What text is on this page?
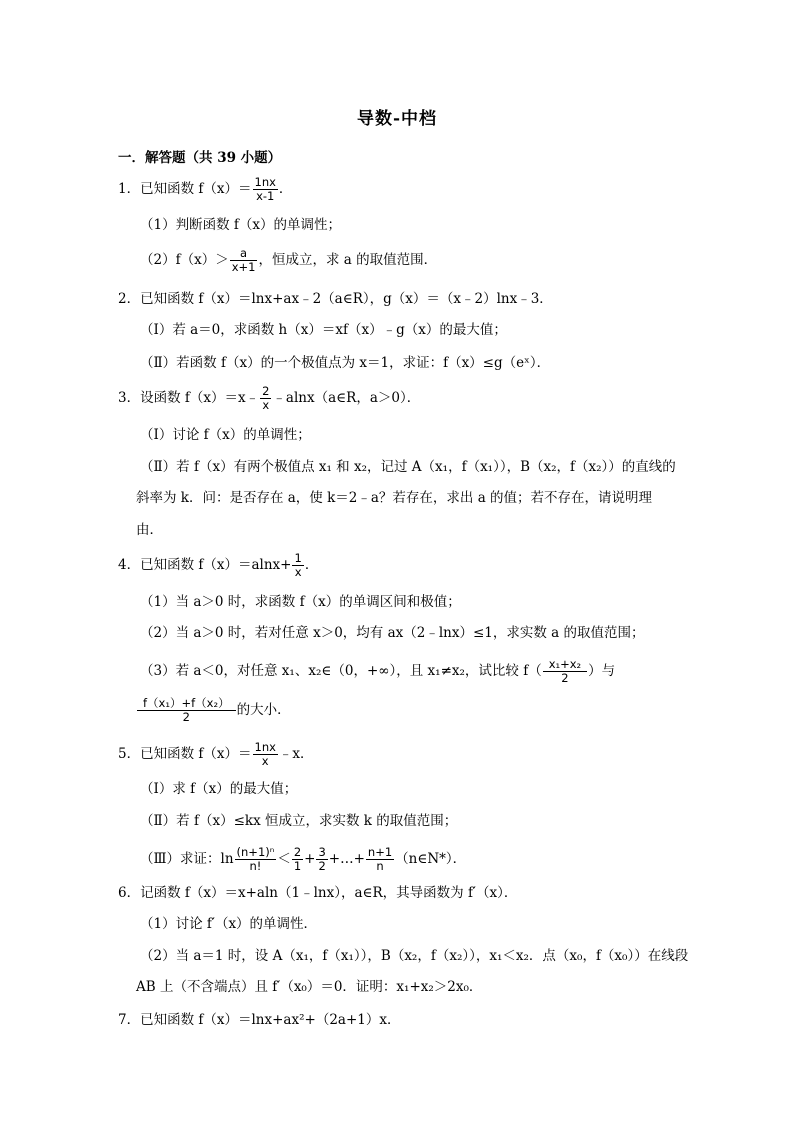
导数-中档
一．解答题（共 39 小题）
1．已知函数 $f(x)= \frac{1nx}{x-1}$ ．
（1）判断函数 f（x）的单调性；
$(2)f(x)> \frac{a}{x+1}$ ，恒成立，求 a 的取值范围．
2．已知函数 f（x）＝lnx+ax﹣2（a∈R），g（x）＝（x﹣2）lnx﹣3．
（Ⅰ）若 a＝0，求函数 h（x）＝xf（x）﹣g（x）的最大值；
（Ⅱ）若函数 f（x）的一个极值点为 x＝1，求证：f（x）≤g（eˣ）．
3．设函数 f（x）＝x﹣ $\frac{2}{x}$ ﹣alnx（a∈R，a＞0）．
（Ⅰ）讨论 f（x）的单调性；
（Ⅱ）若 f（x）有两个极值点 x₁ 和 x₂，记过 A（x₁，f（x₁）），B（x₂，f（x₂））的直线的
斜率为 k．问：是否存在 a，使 k＝2﹣a？若存在，求出 a 的值；若不存在，请说明理
由．
4．已知函数 $f(x)=alnx+ \frac{1}{x}$ ．
（1）当 a＞0 时，求函数 f（x）的单调区间和极值；
（2）当 a＞0 时，若对任意 x＞0，均有 ax（2﹣lnx）≤1，求实数 a 的取值范围；
（3）若 a＜0，对任意 x₁、x₂∈（0，+∞），且 x₁≠x₂，试比较 $f( \frac{\text{x₁+x₂}}{2}$ ）与
$\frac{\text{f（x₁）+f（x₂）}}{2}$ 的大小．
5．已知函数 $f(x)= \frac{1nx}{x}$ ﹣x．
（Ⅰ）求 f（x）的最大值；
（Ⅱ）若 f（x）≤kx 恒成立，求实数 k 的取值范围；
（Ⅲ）求证：$\ln \frac{\text{(n+1)ⁿ}}{n!} < \frac{2}{1} + \frac{3}{2}$ +…+ $\frac{n+1}{n}$ （n∈N*）．
6．记函数 f（x）＝x+aln（1﹣lnx），a∈R，其导函数为 f′（x）．
（1）讨论 f′（x）的单调性．
（2）当 a＝1 时，设 A（x₁，f（x₁）），B（x₂，f（x₂）），x₁＜x₂．点（x₀，f（x₀））在线段
AB 上（不含端点）且 f′（x₀）＝0．证明：x₁+x₂＞2x₀．
7．已知函数 f（x）＝lnx+ax²+（2a+1）x．
